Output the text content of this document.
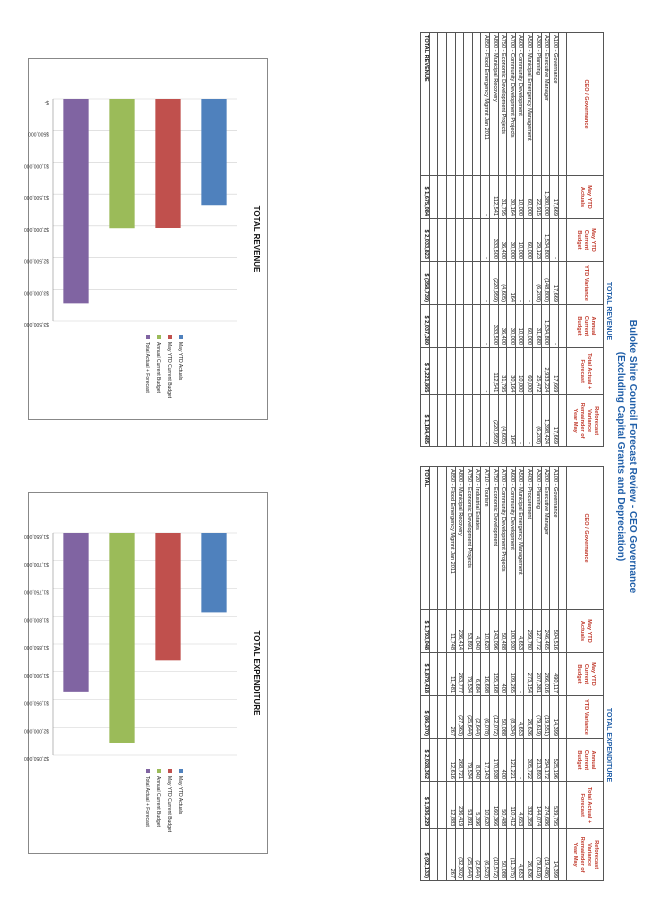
Buloke Shire Council Forecast Review - CEO Governance
(Excluding Capital Grants and Depreciation)
	TOTAL REVENUE					
CEO / Governance	May YTD Actuals	May YTD Current Budget	YTD Variance	Annual Current Budget	Total Actual + Forecast	Reforecast Variance Remainder of Year May

A100 - Governance	17,669	-	17,669	-	17,669	17,669
A200 - Executive Manager	1,380,000	1,534,800	(148,800)	1,534,800	2,933,224	1,398,424
A300 - Planning	22,915	29,123	(6,208)	31,680	25,472	(6,208)
A500 - Municipal Emergency Management	60,000	60,000	-	60,000	60,000	-
A600 - Community Development	10,000	10,000	-	10,000	10,000	-
A700 - Community Development Projects	30,164	30,000	164	30,000	30,164	164
A750 - Economic Development Projects	31,795	36,400	(4,605)	36,400	31,795	(4,605)
A800 - Municipal Recovery	112,541	333,500	(220,959)	333,500	112,541	(220,959)
A850 - Flood Emergency Mgmnt Jan 2011	-	-	-	-	-	-

TOTAL REVENUE	$ 1,675,084	$ 2,033,823	$ (358,739)	$ 2,037,380	$ 3,221,865	$ 1,184,485
	TOTAL EXPENDITURE					
CEO / Governance	May YTD Actuals	May YTD Current Budget	YTD Variance	Annual Current Budget	Total Actual + Forecast	Reforecast Variance Remainder of Year May

A100 - Governance	504,516	490,117	14,399	525,196	539,795	14,399
A200 - Executive Manager	246,465	266,016	(19,551)	294,172	274,686	(19,486)
A300 - Planning	127,772	207,381	(79,619)	213,893	144,074	(79,619)
A400 - Procurement	299,780	273,154	26,636	305,722	332,358	26,636
A500 - Municipal Emergency Management	4,653	-	4,653	-	4,653	4,653
A600 - Community Development	100,930	109,265	(8,334)	121,221	110,412	(11,375)
A700 - Community Development Projects	50,488	400	50,088	400	50,488	50,088
A750 - Economic Development	143,096	155,168	(12,072)	170,938	160,366	(10,572)
A710 - Tourism	10,620	16,698	(6,078)	17,143	10,620	(6,523)
A720 - Industrial Estates	4,040	6,684	(2,644)	8,040	5,396	(2,644)
A750 - Economic Development Projects	53,891	79,534	(25,644)	79,534	53,891	(25,644)
A800 - Municipal Recovery	236,414	263,777	(27,363)	268,721	236,419	(32,302)
A850 - Flood Emergency Mgmnt Jan 2011	11,748	11,481	267	12,616	12,883	267

TOTAL	$ 1,793,048	$ 1,879,418	$ (86,370)	$ 2,028,362	$ 1,936,229	$ (92,133)
TOTAL REVENUE
$-
$500,000
$1,000,000
$1,500,000
$2,000,000
$2,500,000
$3,000,000
$3,500,000
May YTD Actuals
May YTD Current Budget
Annual Current Budget
Total Actual + Forecast
TOTAL EXPENDITURE
$1,650,000
$1,700,000
$1,750,000
$1,800,000
$1,850,000
$1,900,000
$1,950,000
$2,000,000
$2,050,000
May YTD Actuals
May YTD Current Budget
Annual Current Budget
Total Actual + Forecast
